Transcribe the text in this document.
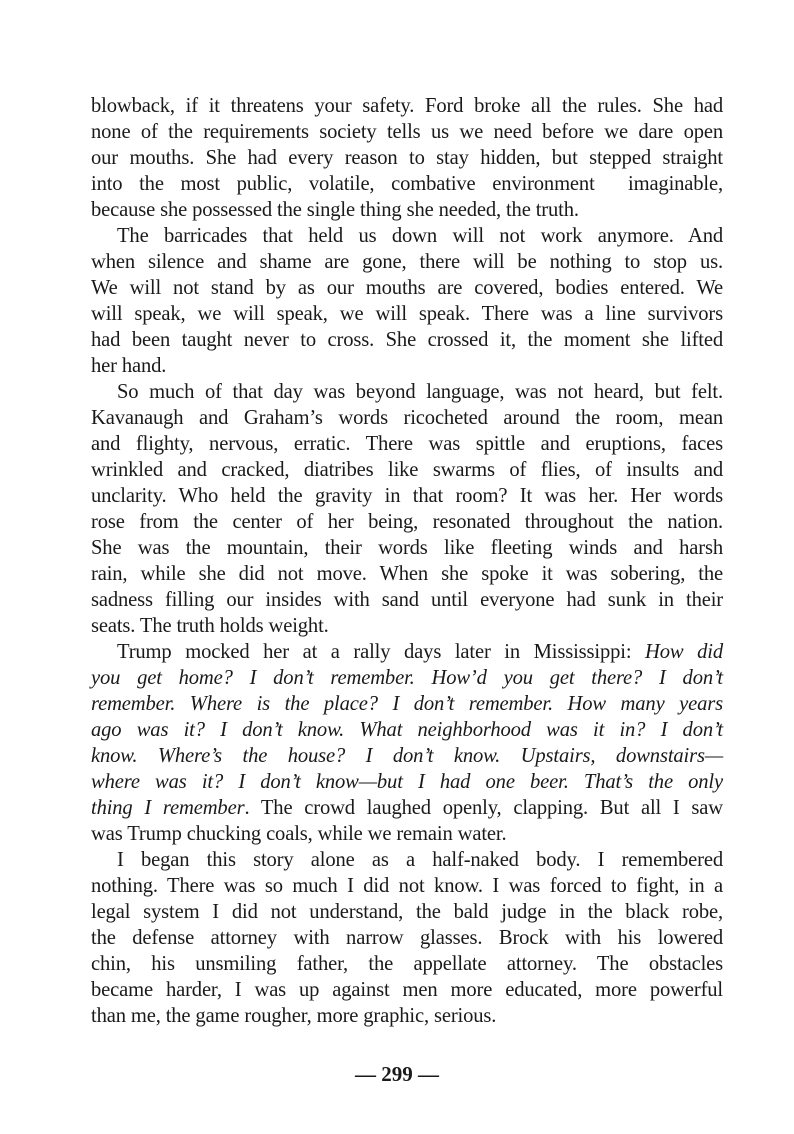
blowback, if it threatens your safety. Ford broke all the rules. She had
none of the requirements society tells us we need before we dare open
our mouths. She had every reason to stay hidden, but stepped straight
into the most public, volatile, combative environment  imaginable,
because she possessed the single thing she needed, the truth.
The barricades that held us down will not work anymore. And
when silence and shame are gone, there will be nothing to stop us.
We will not stand by as our mouths are covered, bodies entered. We
will speak, we will speak, we will speak. There was a line survivors
had been taught never to cross. She crossed it, the moment she lifted
her hand.
So much of that day was beyond language, was not heard, but felt.
Kavanaugh and Graham’s words ricocheted around the room, mean
and flighty, nervous, erratic. There was spittle and eruptions, faces
wrinkled and cracked, diatribes like swarms of flies, of insults and
unclarity. Who held the gravity in that room? It was her. Her words
rose from the center of her being, resonated throughout the nation.
She was the mountain, their words like fleeting winds and harsh
rain, while she did not move. When she spoke it was sobering, the
sadness filling our insides with sand until everyone had sunk in their
seats. The truth holds weight.
Trump mocked her at a rally days later in Mississippi: How did
you get home? I don’t remember. How’d you get there? I don’t
remember. Where is the place? I don’t remember. How many years
ago was it? I don’t know. What neighborhood was it in? I don’t
know. Where’s the house? I don’t know. Upstairs, downstairs—
where was it? I don’t know—but I had one beer. That’s the only
thing I remember. The crowd laughed openly, clapping. But all I saw
was Trump chucking coals, while we remain water.
I began this story alone as a half-naked body. I remembered
nothing. There was so much I did not know. I was forced to fight, in a
legal system I did not understand, the bald judge in the black robe,
the defense attorney with narrow glasses. Brock with his lowered
chin, his unsmiling father, the appellate attorney. The obstacles
became harder, I was up against men more educated, more powerful
than me, the game rougher, more graphic, serious.
— 299 —
